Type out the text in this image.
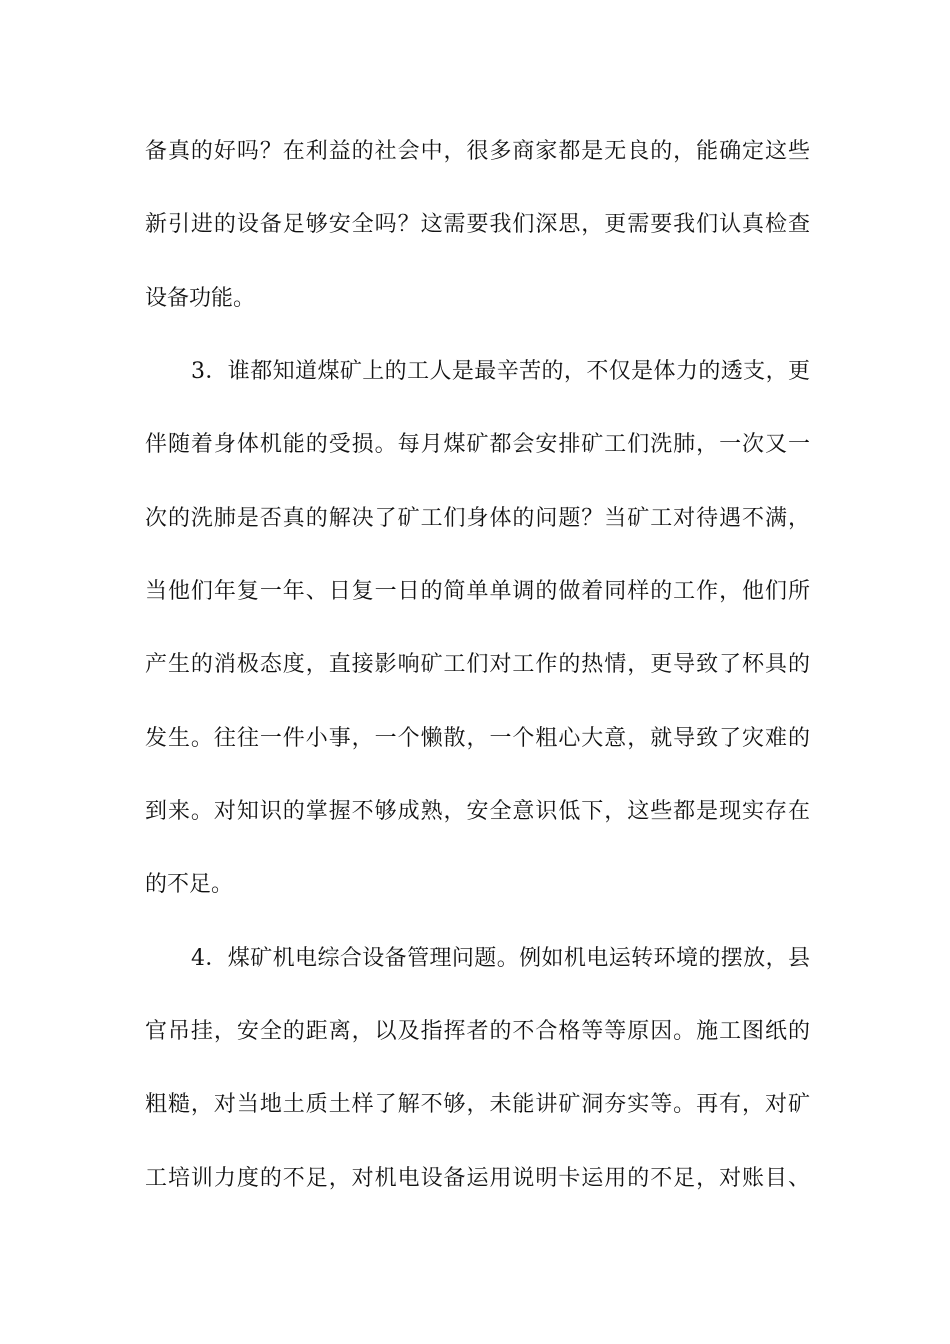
备真的好吗？在利益的社会中，很多商家都是无良的，能确定这些
新引进的设备足够安全吗？这需要我们深思，更需要我们认真检查
设备功能。
3．谁都知道煤矿上的工人是最辛苦的，不仅是体力的透支，更
伴随着身体机能的受损。每月煤矿都会安排矿工们洗肺，一次又一
次的洗肺是否真的解决了矿工们身体的问题？当矿工对待遇不满，
当他们年复一年、日复一日的简单单调的做着同样的工作，他们所
产生的消极态度，直接影响矿工们对工作的热情，更导致了杯具的
发生。往往一件小事，一个懒散，一个粗心大意，就导致了灾难的
到来。对知识的掌握不够成熟，安全意识低下，这些都是现实存在
的不足。
4．煤矿机电综合设备管理问题。例如机电运转环境的摆放，县
官吊挂，安全的距离，以及指挥者的不合格等等原因。施工图纸的
粗糙，对当地土质土样了解不够，未能讲矿洞夯实等。再有，对矿
工培训力度的不足，对机电设备运用说明卡运用的不足，对账目、
